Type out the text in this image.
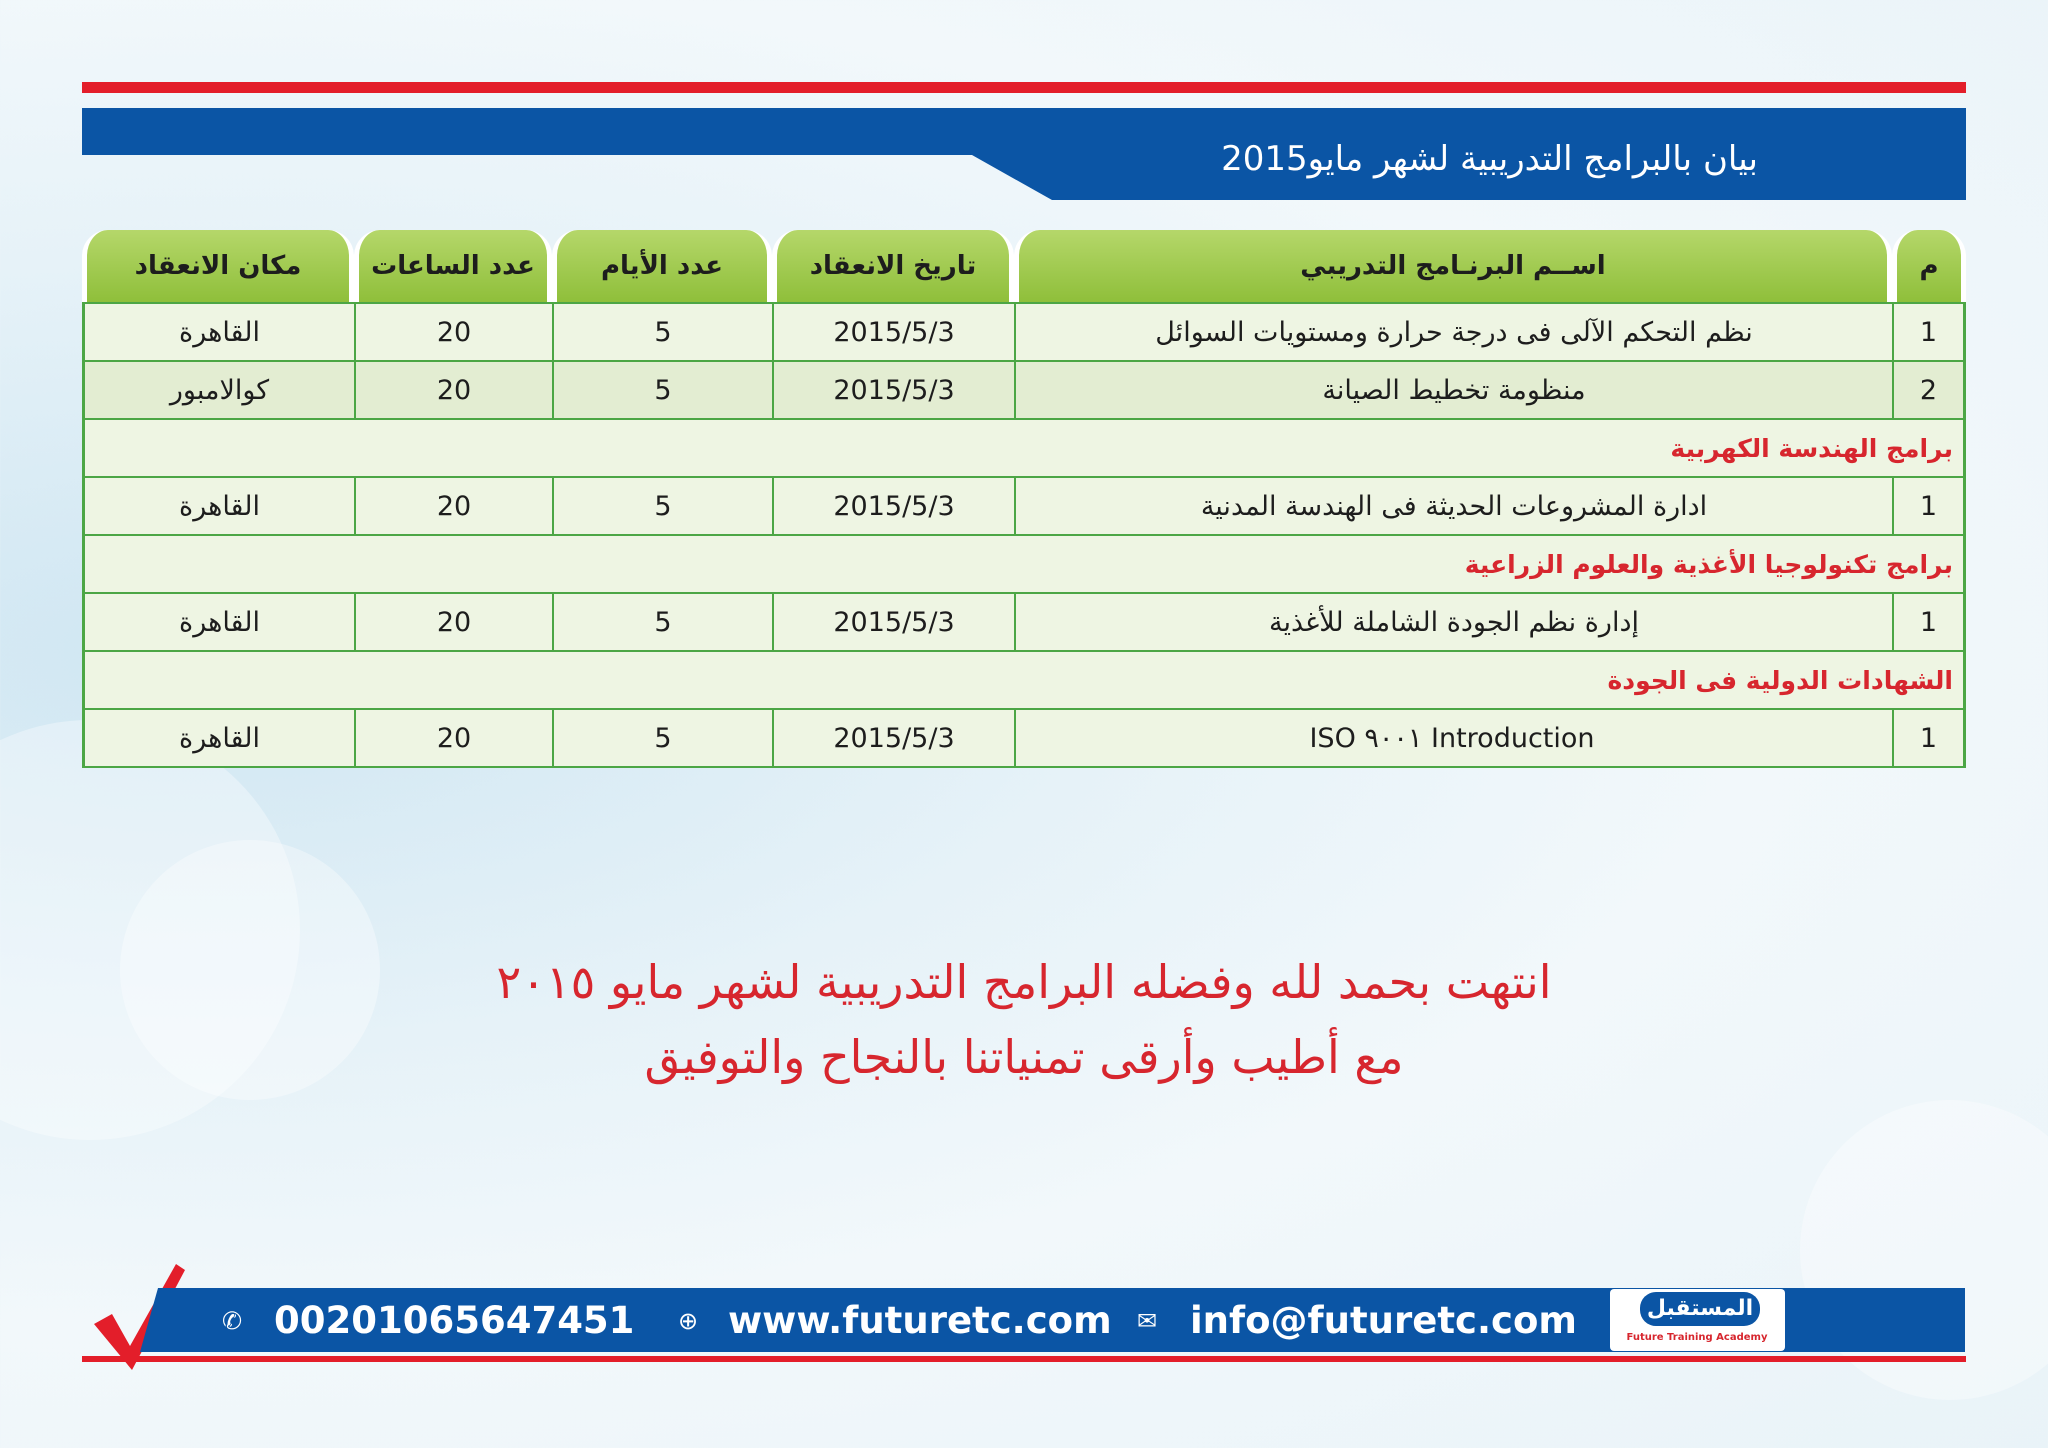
بيان بالبرامج التدريبية لشهر مايو2015
م	اســم البرنـامج التدريبي	تاريخ الانعقاد	عدد الأيام	عدد الساعات	مكان الانعقاد
1	نظم التحكم الآلى فى درجة حرارة ومستويات السوائل	2015/5/3	5	20	القاهرة
2	منظومة تخطيط الصيانة	2015/5/3	5	20	كوالامبور
برامج الهندسة الكهربية					
1	ادارة المشروعات الحديثة فى الهندسة المدنية	2015/5/3	5	20	القاهرة
برامج تكنولوجيا الأغذية والعلوم الزراعية					
1	إدارة نظم الجودة الشاملة للأغذية	2015/5/3	5	20	القاهرة
الشهادات الدولية فى الجودة					
1	ISO ٩٠٠١ Introduction	2015/5/3	5	20	القاهرة
انتهت بحمد لله وفضله البرامج التدريبية لشهر مايو ٢٠١٥
مع أطيب وأرقى تمنياتنا بالنجاح والتوفيق
✆ 00201065647451 ⊕ www.futuretc.com ✉ info@futuretc.com	المستقبل
Future Training Academy
